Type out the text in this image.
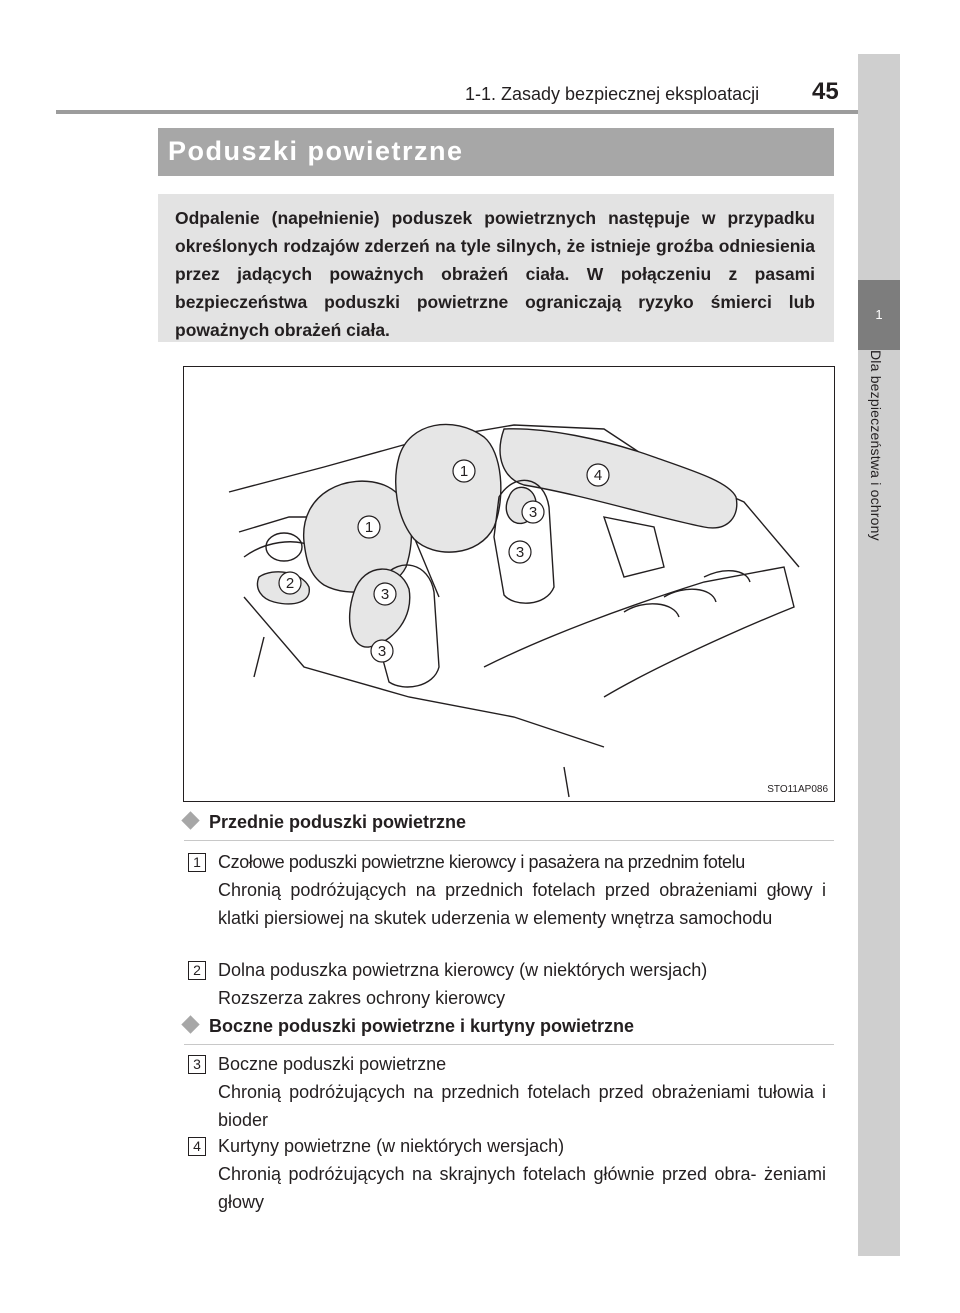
1
Dla bezpieczeństwa i ochrony
1-1. Zasady bezpiecznej eksploatacji 45
Poduszki powietrzne

Odpalenie (napełnienie) poduszek powietrznych następuje w przypadku określonych rodzajów zderzeń na tyle silnych, że istnieje groźba odniesienia przez jadących poważnych obrażeń ciała. W połączeniu z pasami bezpieczeństwa poduszki powietrzne ograniczają ryzyko śmierci lub poważnych obrażeń ciała.

1
1
2
3
3
3
3
4
STO11AP086
Przednie poduszki powietrzne
1 Czołowe poduszki powietrzne kierowcy i pasażera na przednim fotelu
Chronią podróżujących na przednich fotelach przed obrażeniami głowy i klatki piersiowej na skutek uderzenia w elementy wnętrza samochodu
2 Dolna poduszka powietrzna kierowcy (w niektórych wersjach)
Rozszerza zakres ochrony kierowcy
Boczne poduszki powietrzne i kurtyny powietrzne
3 Boczne poduszki powietrzne
Chronią podróżujących na przednich fotelach przed obrażeniami tułowia i bioder
4 Kurtyny powietrzne (w niektórych wersjach)
Chronią podróżujących na skrajnych fotelach głównie przed obra- żeniami głowy
